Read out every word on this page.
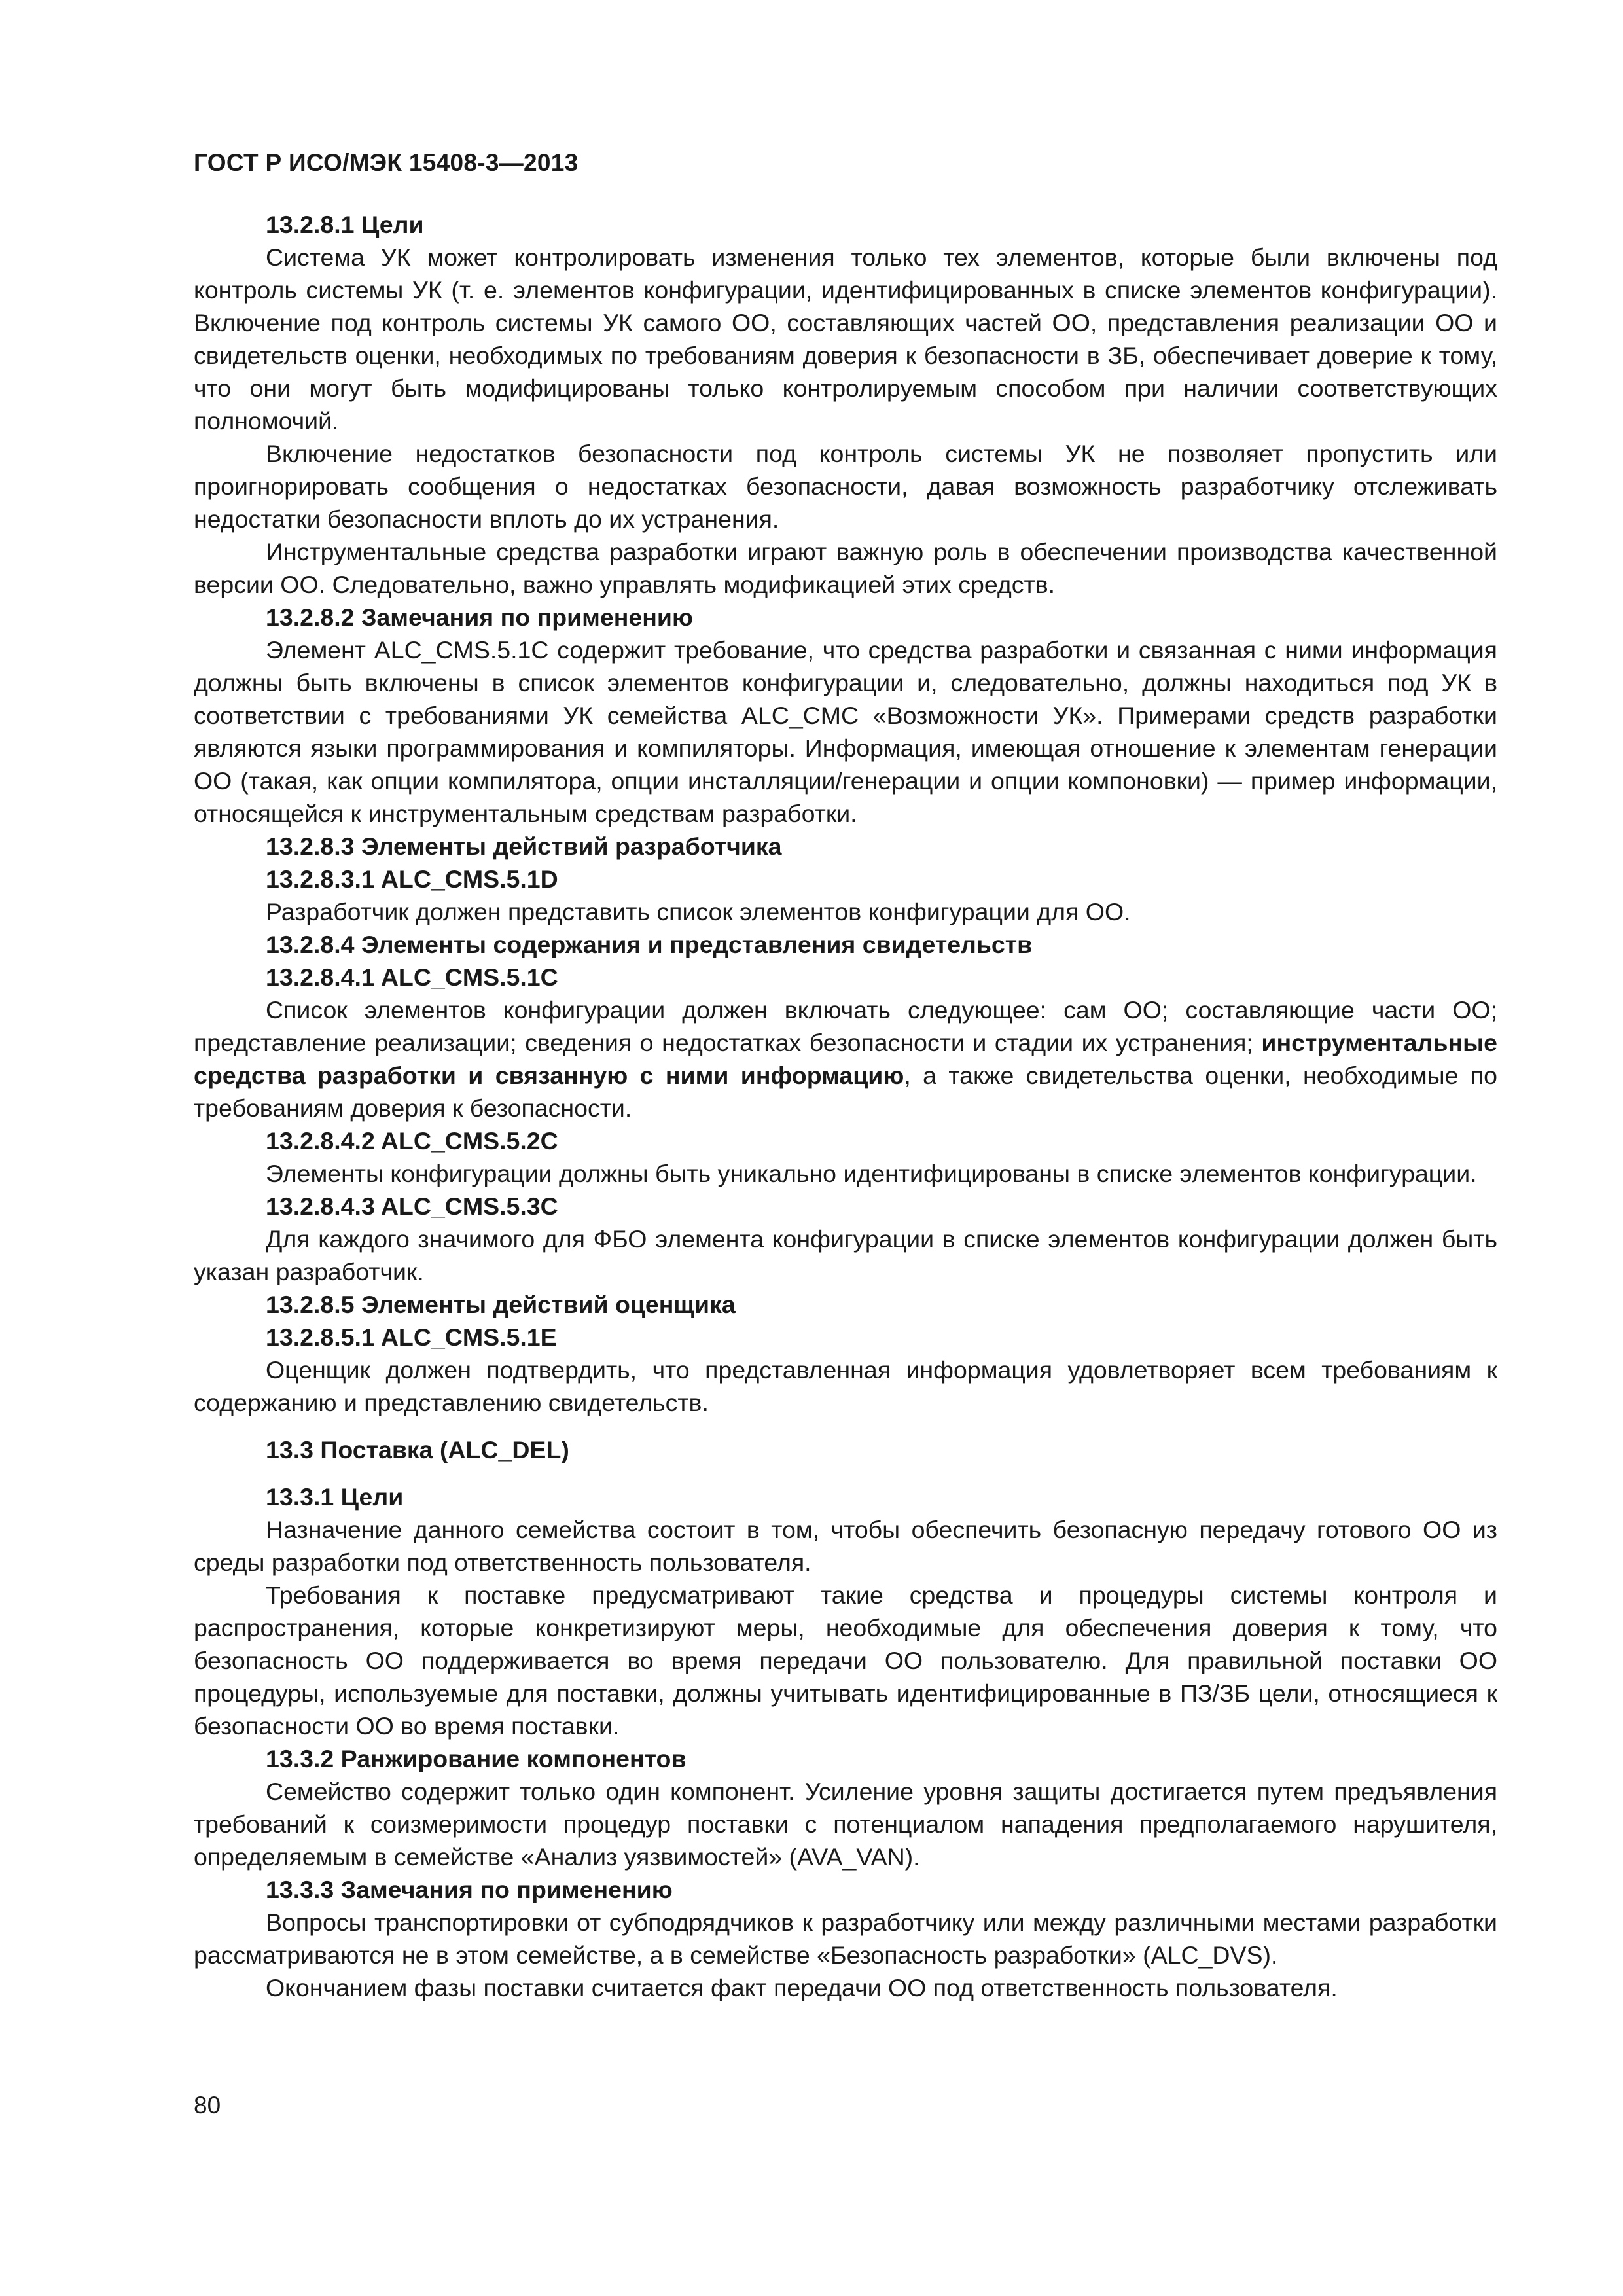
ГОСТ Р ИСО/МЭК 15408-3—2013
13.2.8.1 Цели

Система УК может контролировать изменения только тех элементов, которые были включены под контроль системы УК (т. е. элементов конфигурации, идентифицированных в списке элементов конфигурации). Включение под контроль системы УК самого ОО, составляющих частей ОО, представления реализации ОО и свидетельств оценки, необходимых по требованиям доверия к безопасности в ЗБ, обеспечивает доверие к тому, что они могут быть модифицированы только контролируемым способом при наличии соответствующих полномочий.

Включение недостатков безопасности под контроль системы УК не позволяет пропустить или проигнорировать сообщения о недостатках безопасности, давая возможность разработчику отслеживать недостатки безопасности вплоть до их устранения.

Инструментальные средства разработки играют важную роль в обеспечении производства качественной версии ОО. Следовательно, важно управлять модификацией этих средств.

13.2.8.2 Замечания по применению

Элемент ALC_CMS.5.1C содержит требование, что средства разработки и связанная с ними информация должны быть включены в список элементов конфигурации и, следовательно, должны находиться под УК в соответствии с требованиями УК семейства ALC_CMC «Возможности УК». Примерами средств разработки являются языки программирования и компиляторы. Информация, имеющая отношение к элементам генерации ОО (такая, как опции компилятора, опции инсталляции/генерации и опции компоновки) — пример информации, относящейся к инструментальным средствам разработки.

13.2.8.3 Элементы действий разработчика
13.2.8.3.1 ALC_CMS.5.1D

Разработчик должен представить список элементов конфигурации для ОО.

13.2.8.4 Элементы содержания и представления свидетельств
13.2.8.4.1 ALC_CMS.5.1C

Список элементов конфигурации должен включать следующее: сам ОО; составляющие части ОО; представление реализации; сведения о недостатках безопасности и стадии их устранения; инструментальные средства разработки и связанную с ними информацию, а также свидетельства оценки, необходимые по требованиям доверия к безопасности.

13.2.8.4.2 ALC_CMS.5.2C

Элементы конфигурации должны быть уникально идентифицированы в списке элементов конфигурации.

13.2.8.4.3 ALC_CMS.5.3C

Для каждого значимого для ФБО элемента конфигурации в списке элементов конфигурации должен быть указан разработчик.

13.2.8.5 Элементы действий оценщика
13.2.8.5.1 ALC_CMS.5.1E

Оценщик должен подтвердить, что представленная информация удовлетворяет всем требованиям к содержанию и представлению свидетельств.

13.3 Поставка (ALC_DEL)
13.3.1 Цели

Назначение данного семейства состоит в том, чтобы обеспечить безопасную передачу готового ОО из среды разработки под ответственность пользователя.

Требования к поставке предусматривают такие средства и процедуры системы контроля и распространения, которые конкретизируют меры, необходимые для обеспечения доверия к тому, что безопасность ОО поддерживается во время передачи ОО пользователю. Для правильной поставки ОО процедуры, используемые для поставки, должны учитывать идентифицированные в ПЗ/ЗБ цели, относящиеся к безопасности ОО во время поставки.

13.3.2 Ранжирование компонентов

Семейство содержит только один компонент. Усиление уровня защиты достигается путем предъявления требований к соизмеримости процедур поставки с потенциалом нападения предполагаемого нарушителя, определяемым в семействе «Анализ уязвимостей» (AVA_VAN).

13.3.3 Замечания по применению

Вопросы транспортировки от субподрядчиков к разработчику или между различными местами разработки рассматриваются не в этом семействе, а в семействе «Безопасность разработки» (ALC_DVS).

Окончанием фазы поставки считается факт передачи ОО под ответственность пользователя.

80
